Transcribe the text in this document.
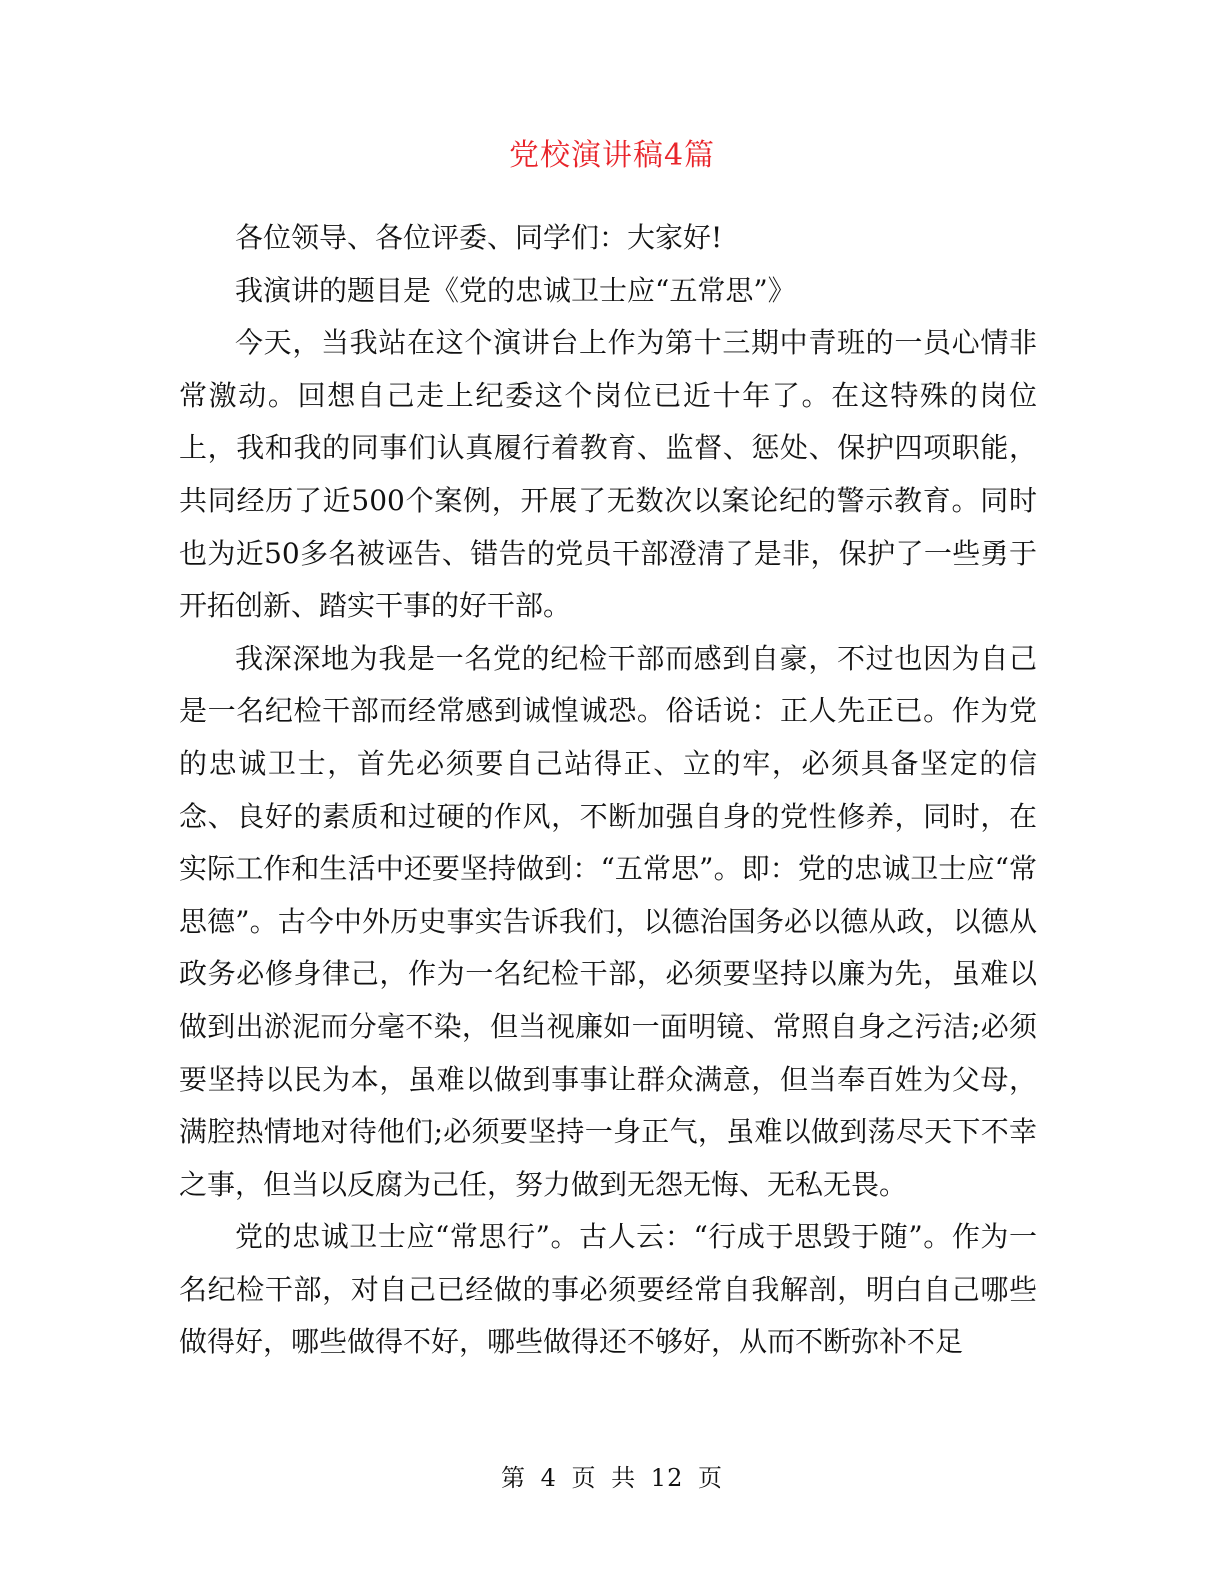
党校演讲稿4篇

各位领导、各位评委、同学们：大家好!

我演讲的题目是《党的忠诚卫士应“五常思”》

今天，当我站在这个演讲台上作为第十三期中青班的一员心情非常激动。回想自己走上纪委这个岗位已近十年了。在这特殊的岗位上，我和我的同事们认真履行着教育、监督、惩处、保护四项职能，共同经历了近500个案例，开展了无数次以案论纪的警示教育。同时也为近50多名被诬告、错告的党员干部澄清了是非，保护了一些勇于开拓创新、踏实干事的好干部。

我深深地为我是一名党的纪检干部而感到自豪，不过也因为自己是一名纪检干部而经常感到诚惶诚恐。俗话说：正人先正已。作为党的忠诚卫士，首先必须要自己站得正、立的牢，必须具备坚定的信念、良好的素质和过硬的作风，不断加强自身的党性修养，同时，在实际工作和生活中还要坚持做到：“五常思”。即：党的忠诚卫士应“常思德”。古今中外历史事实告诉我们，以德治国务必以德从政，以德从政务必修身律己，作为一名纪检干部，必须要坚持以廉为先，虽难以做到出淤泥而分毫不染，但当视廉如一面明镜、常照自身之污洁;必须要坚持以民为本，虽难以做到事事让群众满意，但当奉百姓为父母，满腔热情地对待他们;必须要坚持一身正气，虽难以做到荡尽天下不幸之事，但当以反腐为己任，努力做到无怨无悔、无私无畏。

党的忠诚卫士应“常思行”。古人云：“行成于思毁于随”。作为一名纪检干部，对自己已经做的事必须要经常自我解剖，明白自己哪些做得好，哪些做得不好，哪些做得还不够好，从而不断弥补不足

第 4 页 共 12 页
